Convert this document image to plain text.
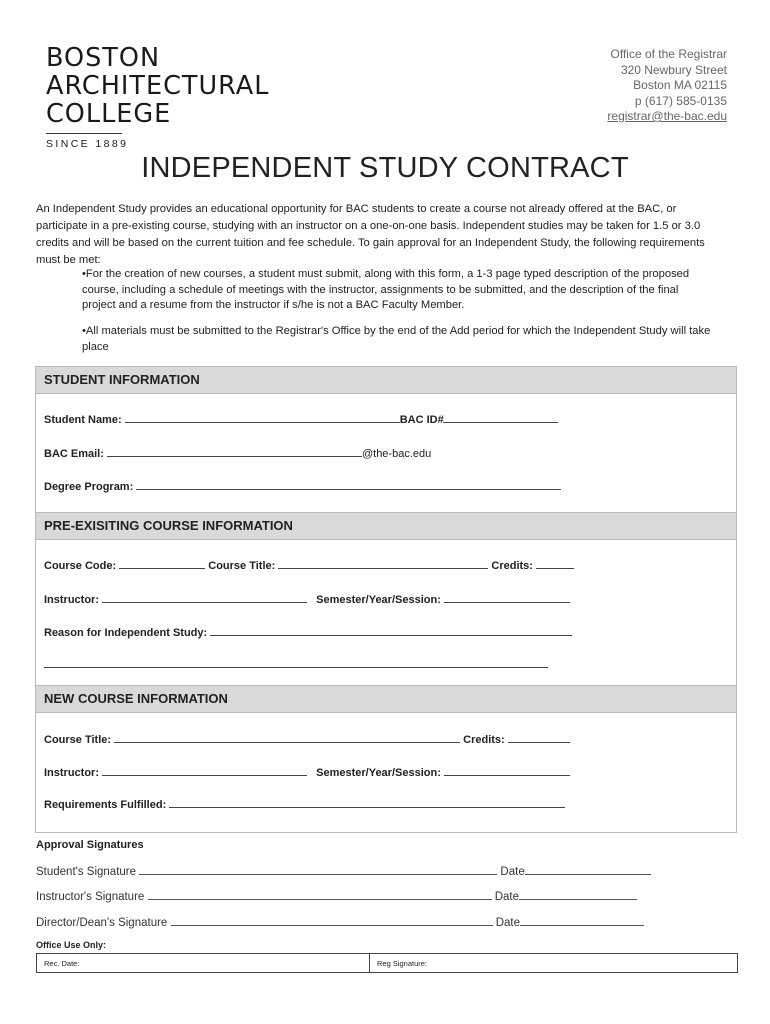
BOSTON
ARCHITECTURAL
COLLEGE
SINCE 1889
Office of the Registrar
320 Newbury Street
Boston MA 02115
p (617) 585-0135
registrar@the-bac.edu
INDEPENDENT STUDY CONTRACT
An Independent Study provides an educational opportunity for BAC students to create a course not already offered at the BAC, or participate in a pre-existing course, studying with an instructor on a one-on-one basis. Independent studies may be taken for 1.5 or 3.0 credits and will be based on the current tuition and fee schedule. To gain approval for an Independent Study, the following requirements must be met:
•For the creation of new courses, a student must submit, along with this form, a 1-3 page typed description of the proposed course, including a schedule of meetings with the instructor, assignments to be submitted, and the description of the final project and a resume from the instructor if s/he is not a BAC Faculty Member.
•All materials must be submitted to the Registrar's Office by the end of the Add period for which the Independent Study will take place
STUDENT INFORMATION
Student Name:	BAC ID#
BAC Email:	@the-bac.edu
Degree Program:
PRE-EXISITING COURSE INFORMATION
Course Code:	Course Title:	Credits:
Instructor:	Semester/Year/Session:
Reason for Independent Study:
NEW COURSE INFORMATION
Course Title:	Credits:
Instructor:	Semester/Year/Session:
Requirements Fulfilled:
Approval Signatures
Student's Signature	Date
Instructor's Signature	Date
Director/Dean's Signature	Date
Office Use Only:
Rec. Date:	Reg Signature:
